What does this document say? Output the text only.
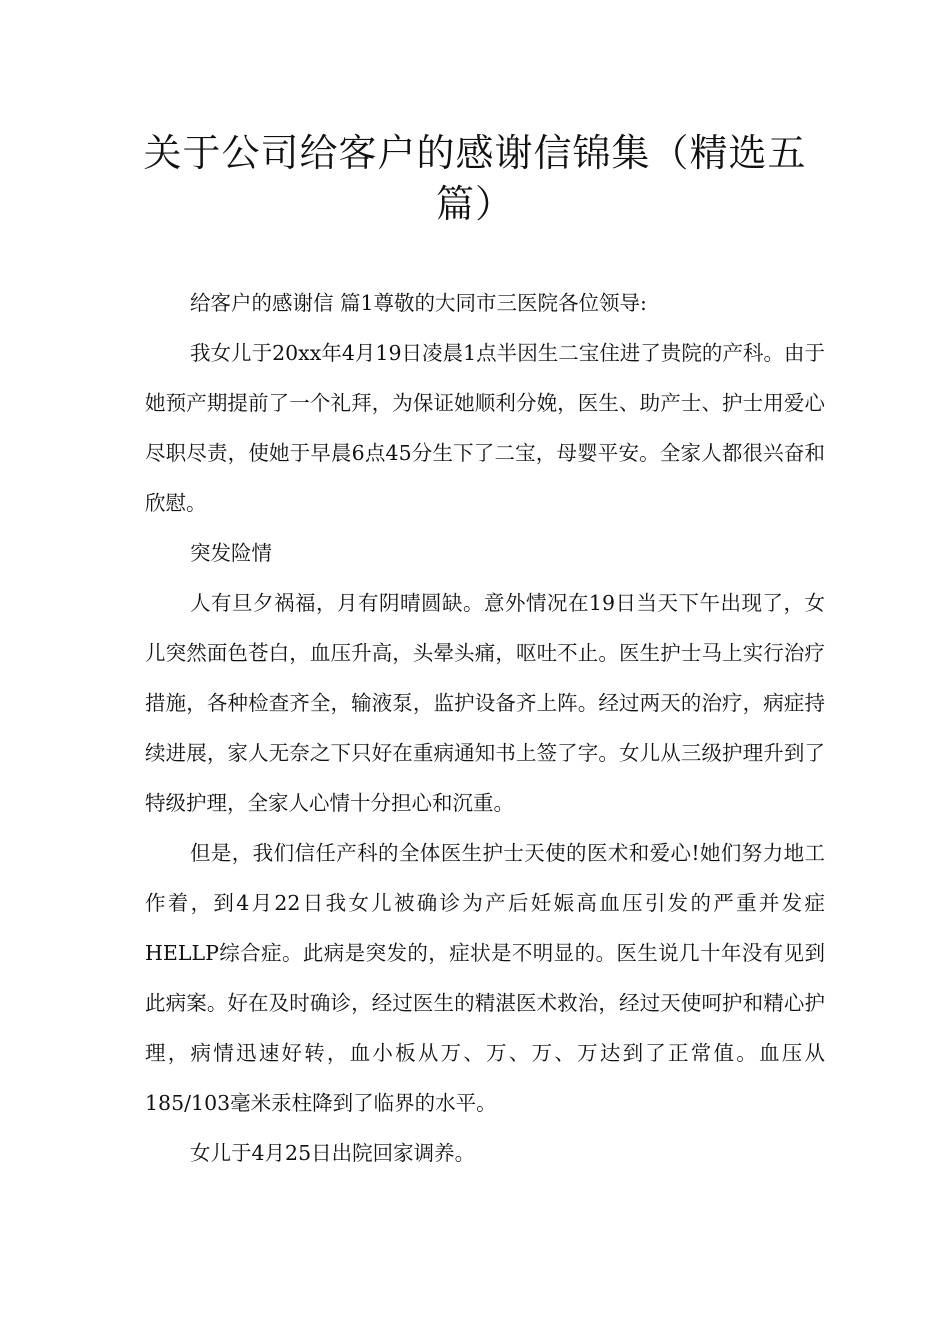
关于公司给客户的感谢信锦集（精选五篇）

给客户的感谢信 篇1尊敬的大同市三医院各位领导:

我女儿于20xx年4月19日凌晨1点半因生二宝住进了贵院的产科。由于她预产期提前了一个礼拜，为保证她顺利分娩，医生、助产士、护士用爱心尽职尽责，使她于早晨6点45分生下了二宝，母婴平安。全家人都很兴奋和欣慰。

突发险情

人有旦夕祸福，月有阴晴圆缺。意外情况在19日当天下午出现了，女儿突然面色苍白，血压升高，头晕头痛，呕吐不止。医生护士马上实行治疗措施，各种检查齐全，输液泵，监护设备齐上阵。经过两天的治疗，病症持续进展，家人无奈之下只好在重病通知书上签了字。女儿从三级护理升到了特级护理，全家人心情十分担心和沉重。

但是，我们信任产科的全体医生护士天使的医术和爱心!她们努力地工作着，到4月22日我女儿被确诊为产后妊娠高血压引发的严重并发症HELLP综合症。此病是突发的，症状是不明显的。医生说几十年没有见到此病案。好在及时确诊，经过医生的精湛医术救治，经过天使呵护和精心护理，病情迅速好转，血小板从万、万、万、万达到了正常值。血压从185/103毫米汞柱降到了临界的水平。

女儿于4月25日出院回家调养。
